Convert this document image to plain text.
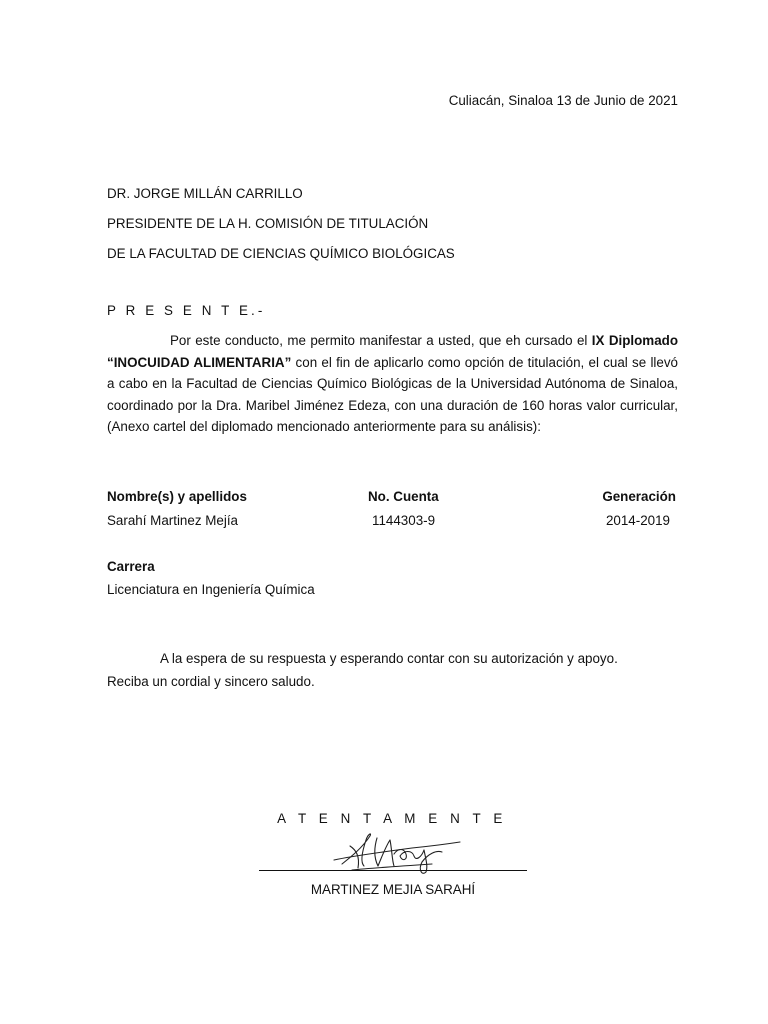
Culiacán, Sinaloa 13 de Junio de 2021
DR. JORGE MILLÁN CARRILLO
PRESIDENTE DE LA H. COMISIÓN DE TITULACIÓN
DE LA FACULTAD DE CIENCIAS QUÍMICO BIOLÓGICAS
P R E S E N T E.-
Por este conducto, me permito manifestar a usted, que eh cursado el IX Diplomado “INOCUIDAD ALIMENTARIA” con el fin de aplicarlo como opción de titulación, el cual se llevó a cabo en la Facultad de Ciencias Químico Biológicas de la Universidad Autónoma de Sinaloa, coordinado por la Dra. Maribel Jiménez Edeza, con una duración de 160 horas valor curricular, (Anexo cartel del diplomado mencionado anteriormente para su análisis):
Nombre(s) y apellidos	No. Cuenta	Generación
Sarahí Martinez Mejía	1144303-9	2014-2019
Carrera
Licenciatura en Ingeniería Química
A la espera de su respuesta y esperando contar con su autorización y apoyo.
Reciba un cordial y sincero saludo.
A T E N T A M E N T E
MARTINEZ MEJIA SARAHÍ
